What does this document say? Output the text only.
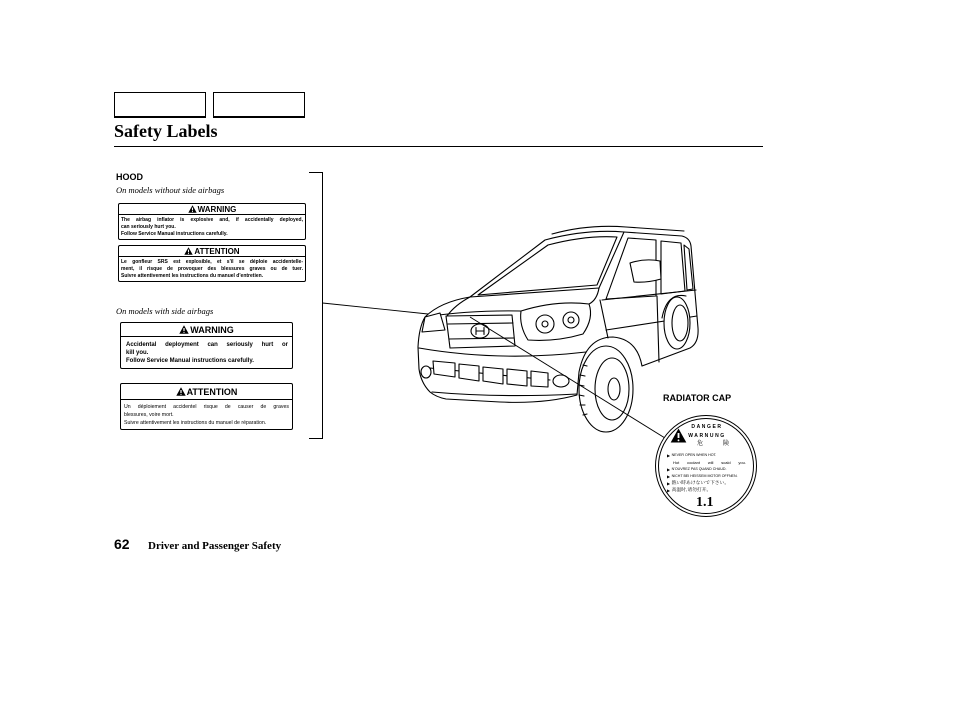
Safety Labels
HOOD
On models without side airbags
WARNING
The airbag inflator is explosive and, if accidentally deployed,
can seriously hurt you.
Follow Service Manual instructions carefully.
ATTENTION
Le gonfleur SRS est explosible, et s'il se déploie accidentelle-
ment, il risque de provoquer des blessures graves ou de tuer.
Suivre attentivement les instructions du manuel d'entretien.
On models with side airbags
WARNING
Accidental deployment can seriously hurt or
kill you.
Follow Service Manual instructions carefully.
ATTENTION
Un déploiement accidentel risque de causer de graves
blessures, voire mort.
Suivre attentivement les instructions du manuel de réparation.
RADIATOR CAP
DANGER
WARNUNG
危険
▶
NEVER OPEN WHEN HOT.
Hot coolant will scald you.
▶
N'OUVREZ PAS QUAND CHAUD.
▶
NICHT BEI HEISSEM MOTOR OFFNEN.
▶
熱い時あけないで下さい。
▶
高温时,请勿打开。
1.1
62 Driver and Passenger Safety
